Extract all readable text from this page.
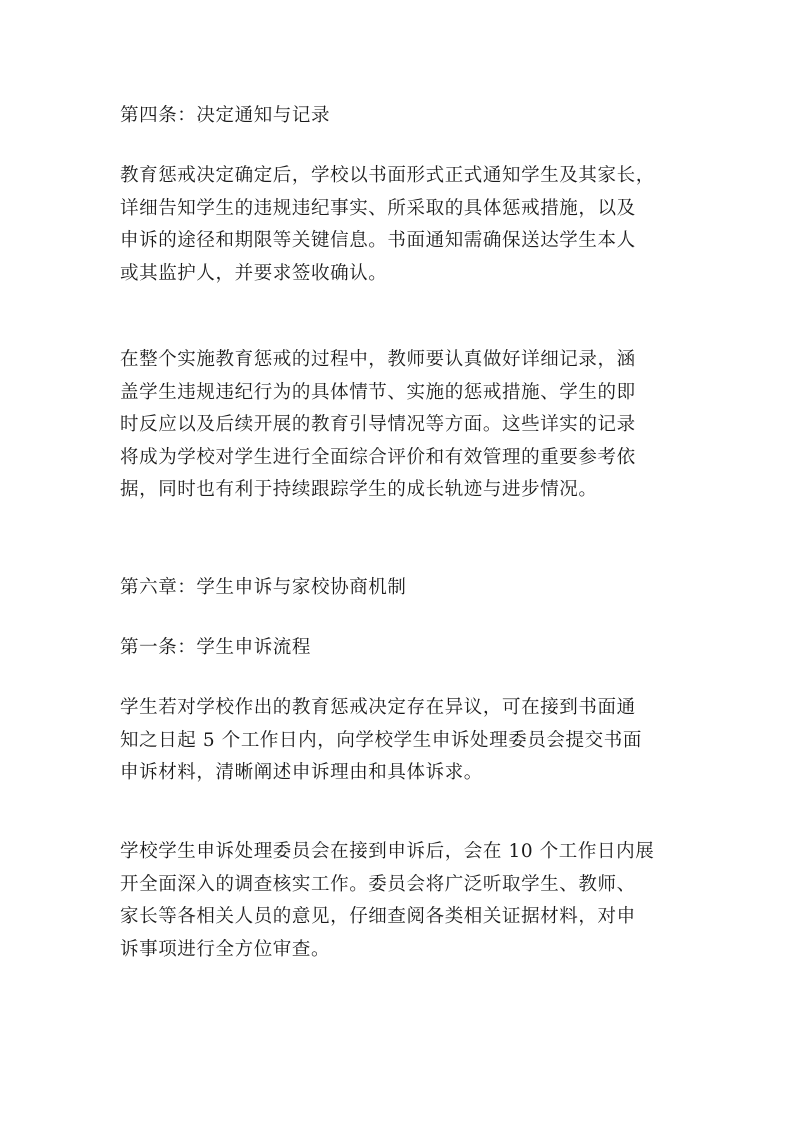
第四条：决定通知与记录

教育惩戒决定确定后，学校以书面形式正式通知学生及其家长，
详细告知学生的违规违纪事实、所采取的具体惩戒措施，以及
申诉的途径和期限等关键信息。书面通知需确保送达学生本人
或其监护人，并要求签收确认。

在整个实施教育惩戒的过程中，教师要认真做好详细记录，涵
盖学生违规违纪行为的具体情节、实施的惩戒措施、学生的即
时反应以及后续开展的教育引导情况等方面。这些详实的记录
将成为学校对学生进行全面综合评价和有效管理的重要参考依
据，同时也有利于持续跟踪学生的成长轨迹与进步情况。

第六章：学生申诉与家校协商机制

第一条：学生申诉流程

学生若对学校作出的教育惩戒决定存在异议，可在接到书面通
知之日起 5 个工作日内，向学校学生申诉处理委员会提交书面
申诉材料，清晰阐述申诉理由和具体诉求。

学校学生申诉处理委员会在接到申诉后，会在 10 个工作日内展
开全面深入的调查核实工作。委员会将广泛听取学生、教师、
家长等各相关人员的意见，仔细查阅各类相关证据材料，对申
诉事项进行全方位审查。
